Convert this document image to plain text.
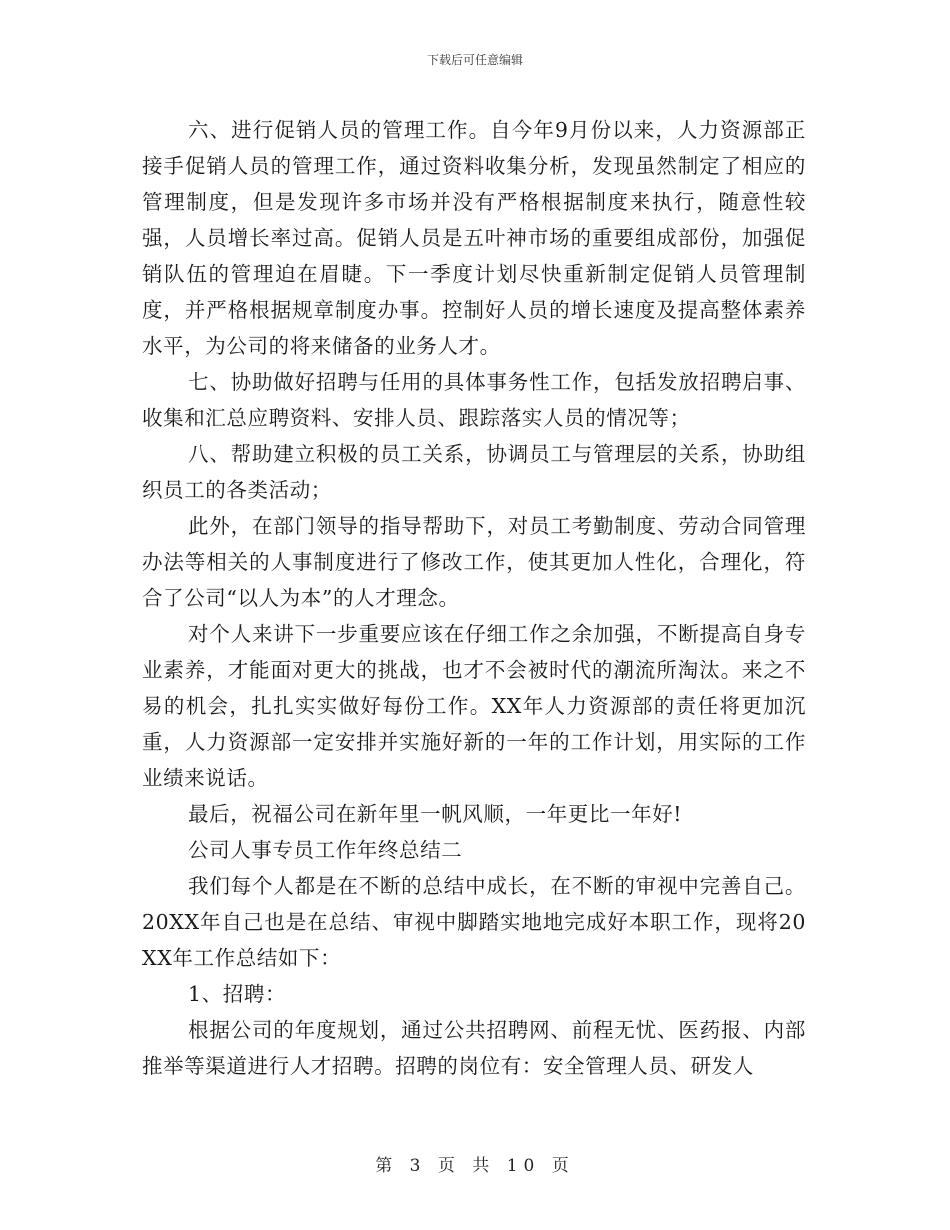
下载后可任意编辑

六、进行促销人员的管理工作。自今年9月份以来，人力资源部正接手促销人员的管理工作，通过资料收集分析，发现虽然制定了相应的管理制度，但是发现许多市场并没有严格根据制度来执行，随意性较强，人员增长率过高。促销人员是五叶神市场的重要组成部份，加强促销队伍的管理迫在眉睫。下一季度计划尽快重新制定促销人员管理制度，并严格根据规章制度办事。控制好人员的增长速度及提高整体素养水平，为公司的将来储备的业务人才。

七、协助做好招聘与任用的具体事务性工作，包括发放招聘启事、收集和汇总应聘资料、安排人员、跟踪落实人员的情况等；

八、帮助建立积极的员工关系，协调员工与管理层的关系，协助组织员工的各类活动；

此外，在部门领导的指导帮助下，对员工考勤制度、劳动合同管理办法等相关的人事制度进行了修改工作，使其更加人性化，合理化，符合了公司“以人为本”的人才理念。

对个人来讲下一步重要应该在仔细工作之余加强，不断提高自身专业素养，才能面对更大的挑战，也才不会被时代的潮流所淘汰。来之不易的机会，扎扎实实做好每份工作。XX年人力资源部的责任将更加沉重，人力资源部一定安排并实施好新的一年的工作计划，用实际的工作业绩来说话。

最后，祝福公司在新年里一帆风顺，一年更比一年好!

公司人事专员工作年终总结二

我们每个人都是在不断的总结中成长，在不断的审视中完善自己。20XX年自己也是在总结、审视中脚踏实地地完成好本职工作，现将20XX年工作总结如下：

1、招聘：

根据公司的年度规划，通过公共招聘网、前程无忧、医药报、内部推举等渠道进行人才招聘。招聘的岗位有：安全管理人员、研发人

第 3 页 共 10 页
